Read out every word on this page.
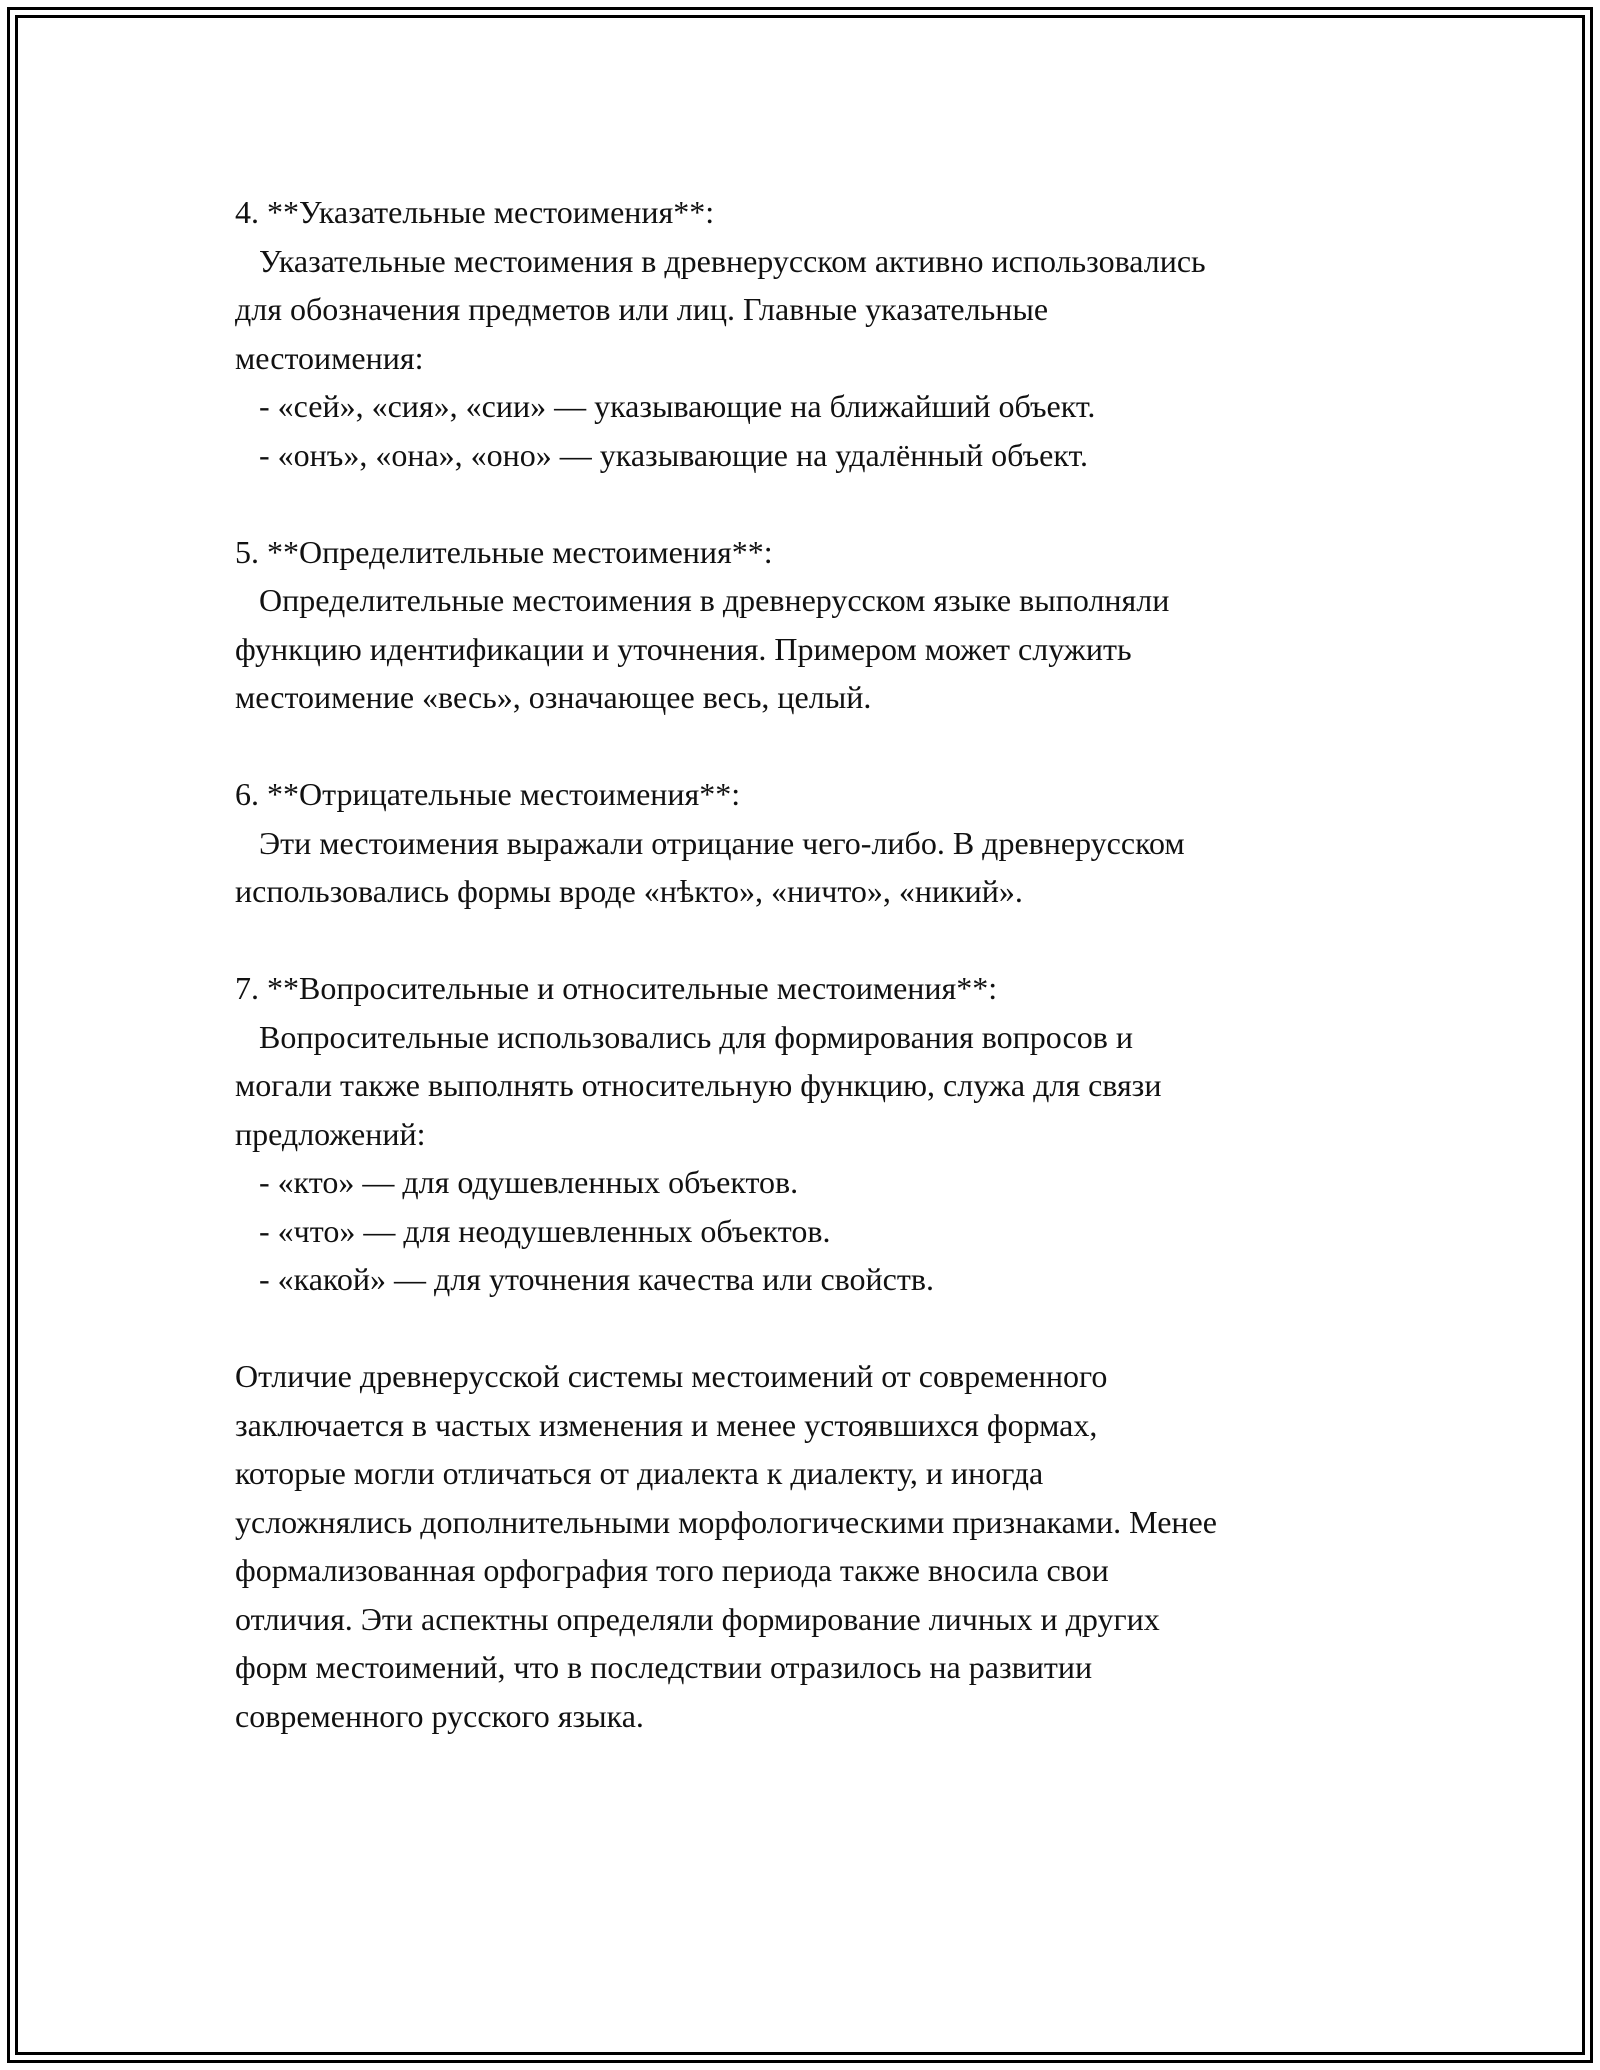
4. **Указательные местоимения**:
Указательные местоимения в древнерусском активно использовались
для обозначения предметов или лиц. Главные указательные
местоимения:
- «сей», «сия», «сии» — указывающие на ближайший объект.
- «онъ», «она», «оно» — указывающие на удалённый объект.
5. **Определительные местоимения**:
Определительные местоимения в древнерусском языке выполняли
функцию идентификации и уточнения. Примером может служить
местоимение «весь», означающее весь, целый.
6. **Отрицательные местоимения**:
Эти местоимения выражали отрицание чего-либо. В древнерусском
использовались формы вроде «нѣкто», «ничто», «никий».
7. **Вопросительные и относительные местоимения**:
Вопросительные использовались для формирования вопросов и
могали также выполнять относительную функцию, служа для связи
предложений:
- «кто» — для одушевленных объектов.
- «что» — для неодушевленных объектов.
- «какой» — для уточнения качества или свойств.
Отличие древнерусской системы местоимений от современного
заключается в частых изменения и менее устоявшихся формах,
которые могли отличаться от диалекта к диалекту, и иногда
усложнялись дополнительными морфологическими признаками. Менее
формализованная орфография того периода также вносила свои
отличия. Эти аспектны определяли формирование личных и других
форм местоимений, что в последствии отразилось на развитии
современного русского языка.
